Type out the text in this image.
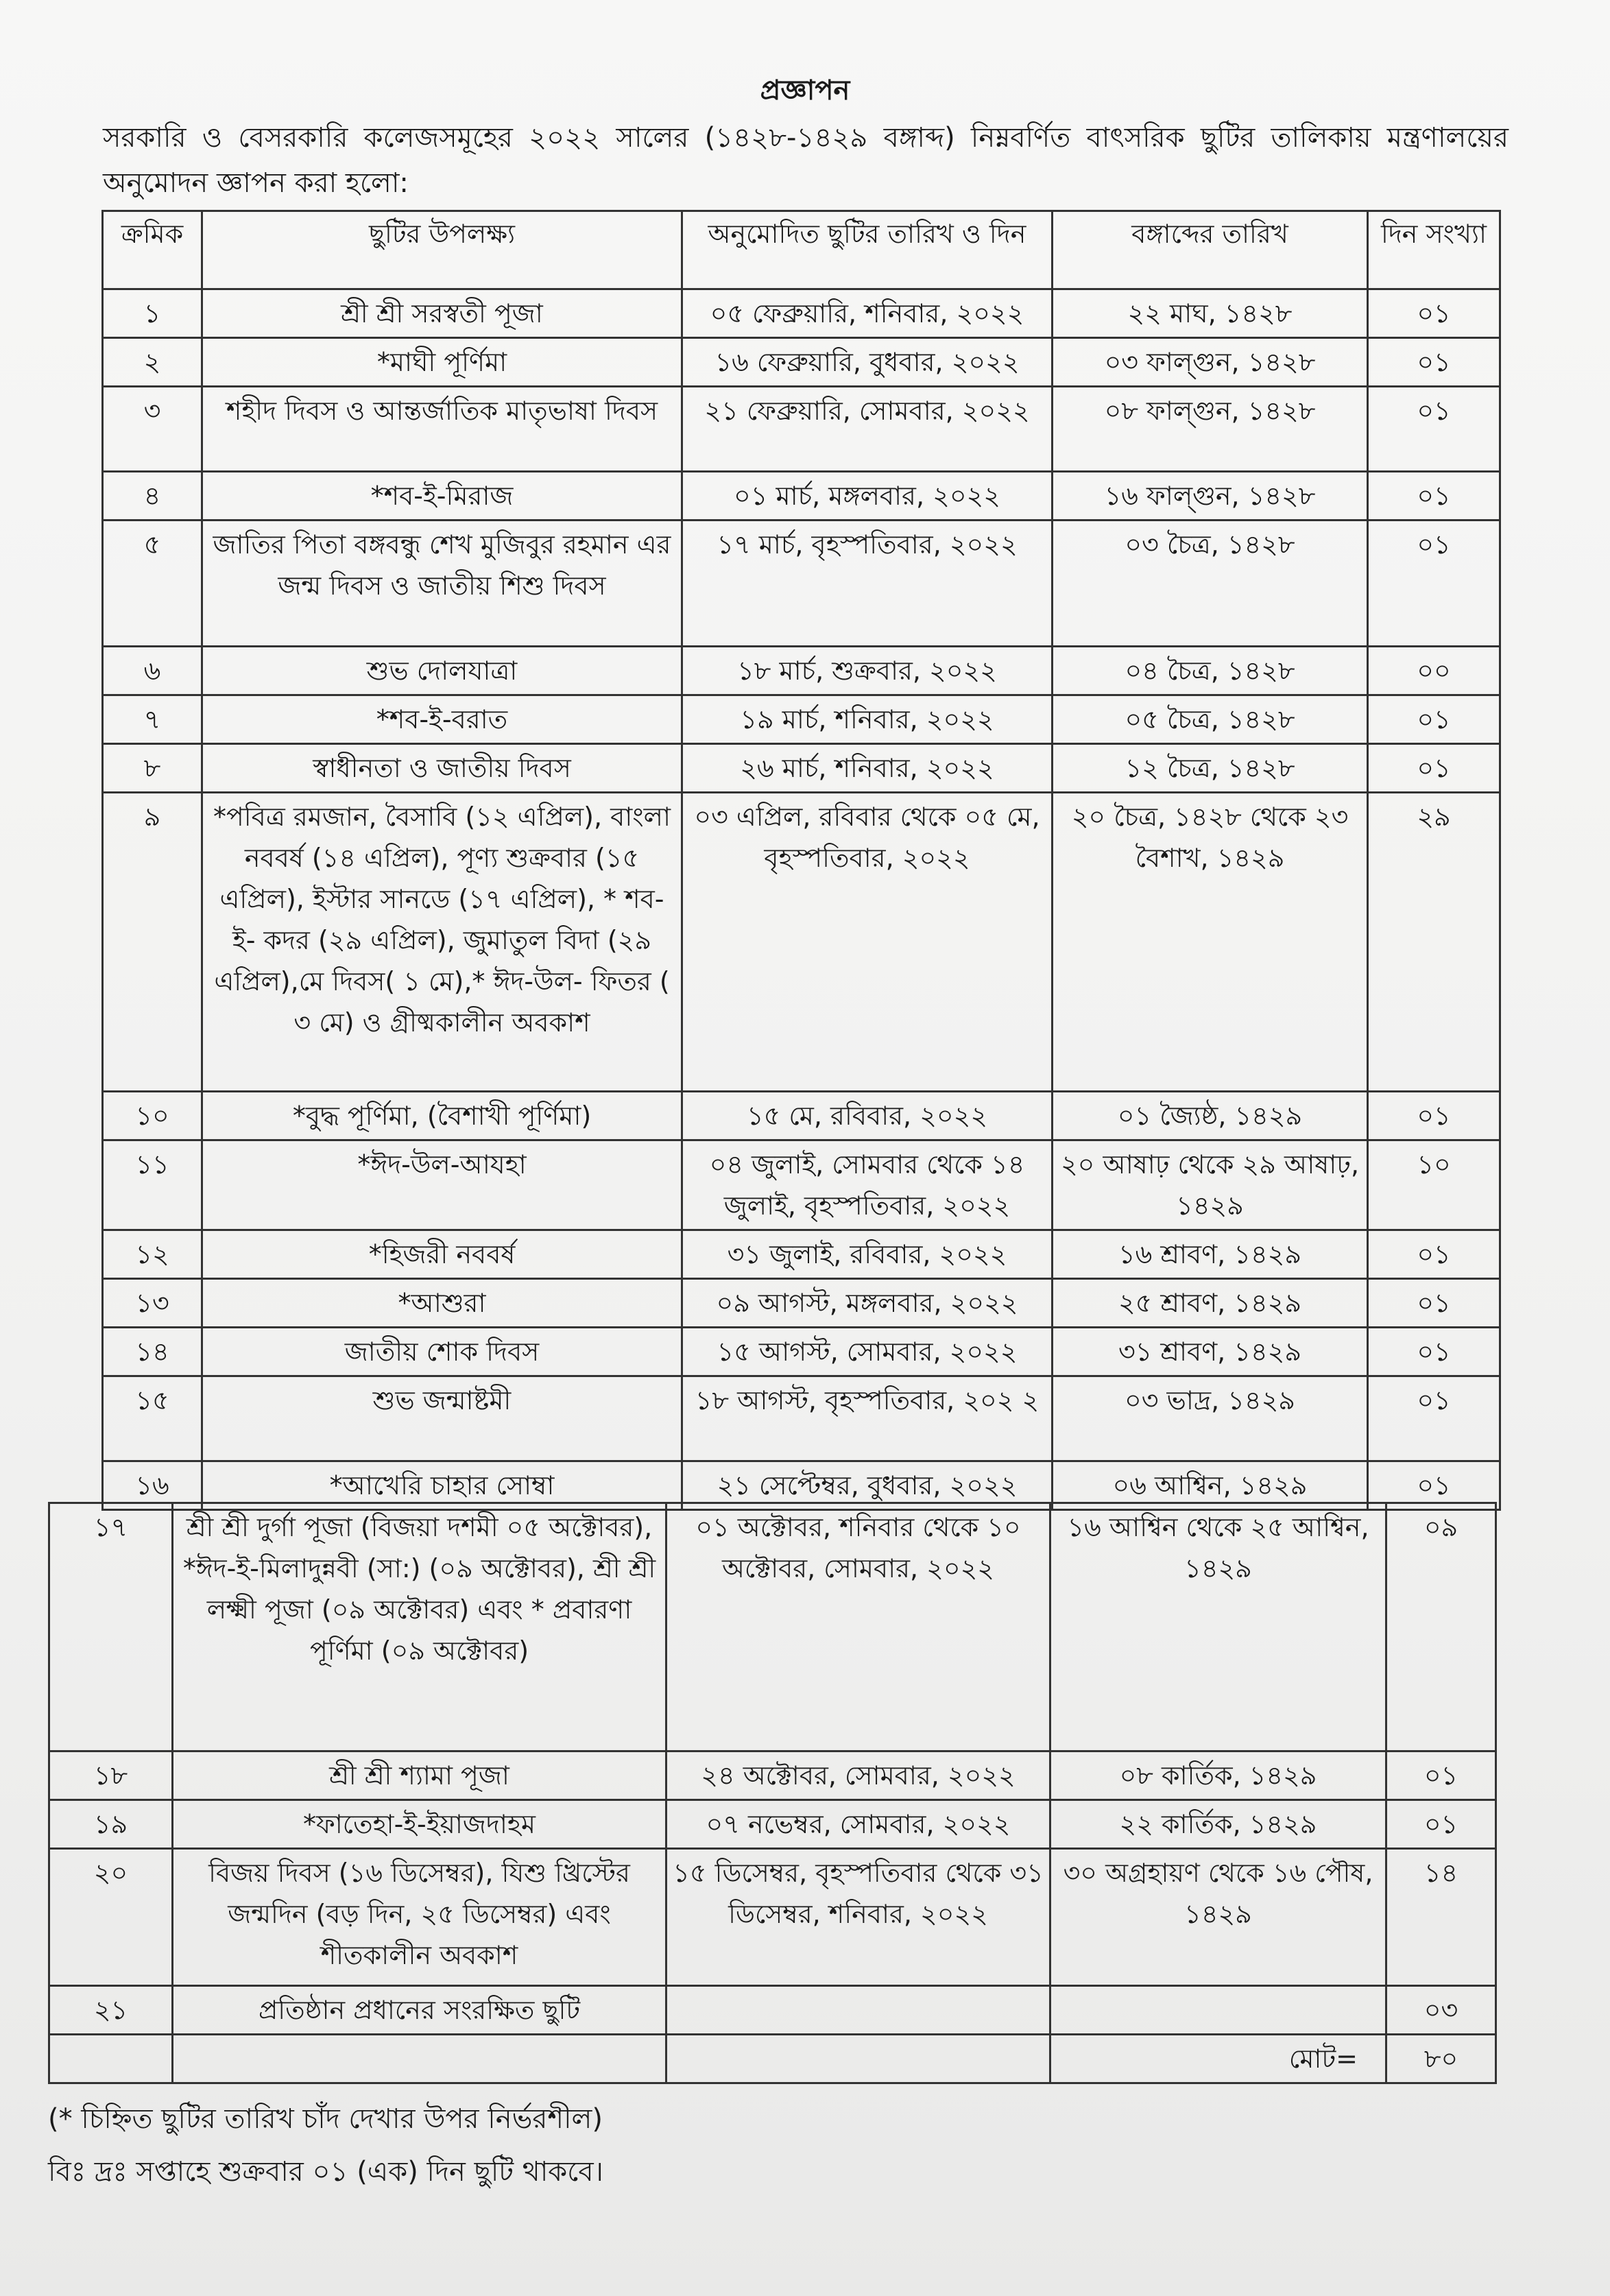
প্রজ্ঞাপন
সরকারি ও বেসরকারি কলেজসমূহের ২০২২ সালের (১৪২৮-১৪২৯ বঙ্গাব্দ) নিম্নবর্ণিত বাৎসরিক ছুটির তালিকায় মন্ত্রণালয়ের অনুমোদন জ্ঞাপন করা হলো:
ক্রমিক	ছুটির উপলক্ষ্য	অনুমোদিত ছুটির তারিখ ও দিন	বঙ্গাব্দের তারিখ	দিন সংখ্যা
১	শ্রী শ্রী সরস্বতী পূজা	০৫ ফেব্রুয়ারি, শনিবার, ২০২২	২২ মাঘ, ১৪২৮	০১
২	*মাঘী পূর্ণিমা	১৬ ফেব্রুয়ারি, বুধবার, ২০২২	০৩ ফাল্গুন, ১৪২৮	০১
৩	শহীদ দিবস ও আন্তর্জাতিক মাতৃভাষা দিবস	২১ ফেব্রুয়ারি, সোমবার, ২০২২	০৮ ফাল্গুন, ১৪২৮	০১
৪	*শব-ই-মিরাজ	০১ মার্চ, মঙ্গলবার, ২০২২	১৬ ফাল্গুন, ১৪২৮	০১
৫	জাতির পিতা বঙ্গবন্ধু শেখ মুজিবুর রহমান এর জন্ম দিবস ও জাতীয় শিশু দিবস	১৭ মার্চ, বৃহস্পতিবার, ২০২২	০৩ চৈত্র, ১৪২৮	০১
৬	শুভ দোলযাত্রা	১৮ মার্চ, শুক্রবার, ২০২২	০৪ চৈত্র, ১৪২৮	০০
৭	*শব-ই-বরাত	১৯ মার্চ, শনিবার, ২০২২	০৫ চৈত্র, ১৪২৮	০১
৮	স্বাধীনতা ও জাতীয় দিবস	২৬ মার্চ, শনিবার, ২০২২	১২ চৈত্র, ১৪২৮	০১
৯	*পবিত্র রমজান, বৈসাবি (১২ এপ্রিল), বাংলা নববর্ষ (১৪ এপ্রিল), পূণ্য শুক্রবার (১৫ এপ্রিল), ইস্টার সানডে (১৭ এপ্রিল), * শব-ই- কদর (২৯ এপ্রিল), জুমাতুল বিদা (২৯ এপ্রিল),মে দিবস( ১ মে),* ঈদ-উল- ফিতর ( ৩ মে) ও গ্রীষ্মকালীন অবকাশ	০৩ এপ্রিল, রবিবার থেকে ০৫ মে, বৃহস্পতিবার, ২০২২	২০ চৈত্র, ১৪২৮ থেকে ২৩ বৈশাখ, ১৪২৯	২৯
১০	*বুদ্ধ পূর্ণিমা, (বৈশাখী পূর্ণিমা)	১৫ মে, রবিবার, ২০২২	০১ জ্যৈষ্ঠ, ১৪২৯	০১
১১	*ঈদ-উল-আযহা	০৪ জুলাই, সোমবার থেকে ১৪ জুলাই, বৃহস্পতিবার, ২০২২	২০ আষাঢ় থেকে ২৯ আষাঢ়, ১৪২৯	১০
১২	*হিজরী নববর্ষ	৩১ জুলাই, রবিবার, ২০২২	১৬ শ্রাবণ, ১৪২৯	০১
১৩	*আশুরা	০৯ আগস্ট, মঙ্গলবার, ২০২২	২৫ শ্রাবণ, ১৪২৯	০১
১৪	জাতীয় শোক দিবস	১৫ আগস্ট, সোমবার, ২০২২	৩১ শ্রাবণ, ১৪২৯	০১
১৫	শুভ জন্মাষ্টমী	১৮ আগস্ট, বৃহস্পতিবার, ২০২ ২	০৩ ভাদ্র, ১৪২৯	০১
১৬	*আখেরি চাহার সোম্বা	২১ সেপ্টেম্বর, বুধবার, ২০২২	০৬ আশ্বিন, ১৪২৯	০১
১৭	শ্রী শ্রী দুর্গা পূজা (বিজয়া দশমী ০৫ অক্টোবর), *ঈদ-ই-মিলাদুন্নবী (সা:) (০৯ অক্টোবর), শ্রী শ্রী লক্ষ্মী পূজা (০৯ অক্টোবর) এবং * প্রবারণা পূর্ণিমা (০৯ অক্টোবর)	০১ অক্টোবর, শনিবার থেকে ১০ অক্টোবর, সোমবার, ২০২২	১৬ আশ্বিন থেকে ২৫ আশ্বিন, ১৪২৯	০৯
১৮	শ্রী শ্রী শ্যামা পূজা	২৪ অক্টোবর, সোমবার, ২০২২	০৮ কার্তিক, ১৪২৯	০১
১৯	*ফাতেহা-ই-ইয়াজদাহম	০৭ নভেম্বর, সোমবার, ২০২২	২২ কার্তিক, ১৪২৯	০১
২০	বিজয় দিবস (১৬ ডিসেম্বর), যিশু খ্রিস্টের জন্মদিন (বড় দিন, ২৫ ডিসেম্বর) এবং শীতকালীন অবকাশ	১৫ ডিসেম্বর, বৃহস্পতিবার থেকে ৩১ ডিসেম্বর, শনিবার, ২০২২	৩০ অগ্রহায়ণ থেকে ১৬ পৌষ, ১৪২৯	১৪
২১	প্রতিষ্ঠান প্রধানের সংরক্ষিত ছুটি			০৩
			মোট=	৮০
(* চিহ্নিত ছুটির তারিখ চাঁদ দেখার উপর নির্ভরশীল)
বিঃ দ্রঃ সপ্তাহে শুক্রবার ০১ (এক) দিন ছুটি থাকবে।
